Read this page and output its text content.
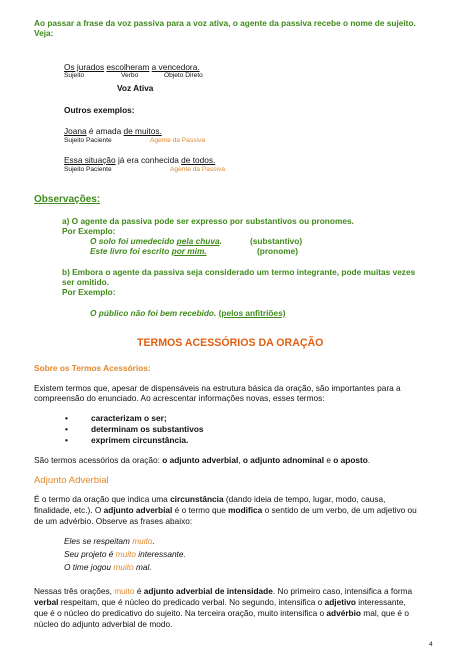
Ao passar a frase da voz passiva para a voz ativa, o agente da passiva recebe o nome de sujeito.
Veja:
Os jurados escolheram a vencedora.
Sujeito	Verbo	Objeto Direto
Voz Ativa
Outros exemplos:
Joana é amada de muitos.
Sujeito Paciente	Agente da Passiva
Essa situação já era conhecida de todos.
Sujeito Paciente	Agente da Passiva
Observações:
a) O agente da passiva pode ser expresso por substantivos ou pronomes.
Por Exemplo:
O solo foi umedecido pela chuva.	(substantivo)
Este livro foi escrito por mim.	(pronome)
b) Embora o agente da passiva seja considerado um termo integrante, pode muitas vezes
ser omitido.
Por Exemplo:
O público não foi bem recebido. (pelos anfitriões)
TERMOS ACESSÓRIOS DA ORAÇÃO
Sobre os Termos Acessórios:
Existem termos que, apesar de dispensáveis na estrutura básica da oração, são importantes para a
compreensão do enunciado. Ao acrescentar informações novas, esses termos:
• caracterizam o ser;
• determinam os substantivos
• exprimem circunstância.
São termos acessórios da oração: o adjunto adverbial, o adjunto adnominal e o aposto.
Adjunto Adverbial
É o termo da oração que indica uma circunstância (dando ideia de tempo, lugar, modo, causa,
finalidade, etc.). O adjunto adverbial é o termo que modifica o sentido de um verbo, de um adjetivo ou
de um advérbio. Observe as frases abaixo:
Eles se respeitam muito.
Seu projeto é muito interessante.
O time jogou muito mal.
Nessas três orações, muito é adjunto adverbial de intensidade. No primeiro caso, intensifica a forma
verbal respeitam, que é núcleo do predicado verbal. No segundo, intensifica o adjetivo interessante,
que é o núcleo do predicativo do sujeito. Na terceira oração, muito intensifica o advérbio mal, que é o
núcleo do adjunto adverbial de modo.
4
